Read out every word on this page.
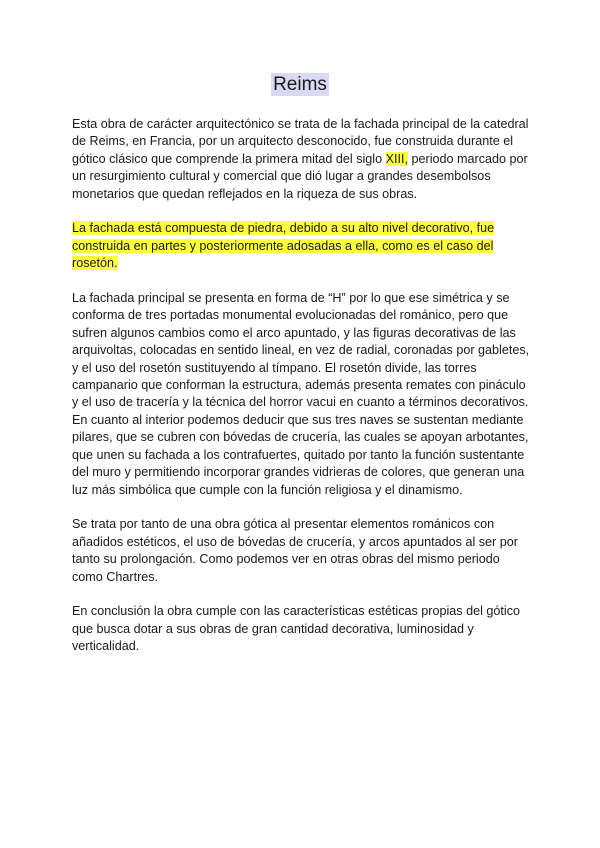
Reims

Esta obra de carácter arquitectónico se trata de la fachada principal de la catedral de Reims, en Francia, por un arquitecto desconocido, fue construida durante el gótico clásico que comprende la primera mitad del siglo XIII, periodo marcado por un resurgimiento cultural y comercial que dió lugar a grandes desembolsos monetarios que quedan reflejados en la riqueza de sus obras.

La fachada está compuesta de piedra, debido a su alto nivel decorativo, fue construida en partes y posteriormente adosadas a ella, como es el caso del rosetón.

La fachada principal se presenta en forma de “H” por lo que ese simétrica y se conforma de tres portadas monumental evolucionadas del románico, pero que sufren algunos cambios como el arco apuntado, y las figuras decorativas de las arquivoltas, colocadas en sentido lineal, en vez de radial, coronadas por gabletes, y el uso del rosetón sustituyendo al tímpano. El rosetón divide, las torres campanario que conforman la estructura, además presenta remates con pináculo y el uso de tracería y la técnica del horror vacui en cuanto a términos decorativos.

En cuanto al interior podemos deducir que sus tres naves se sustentan mediante pilares, que se cubren con bóvedas de crucería, las cuales se apoyan arbotantes, que unen su fachada a los contrafuertes, quitado por tanto la función sustentante del muro y permitiendo incorporar grandes vidrieras de colores, que generan una luz más simbólica que cumple con la función religiosa y el dinamismo.

Se trata por tanto de una obra gótica al presentar elementos románicos con añadidos estéticos, el uso de bóvedas de crucería, y arcos apuntados al ser por tanto su prolongación. Como podemos ver en otras obras del mismo periodo como Chartres.

En conclusión la obra cumple con las características estéticas propias del gótico que busca dotar a sus obras de gran cantidad decorativa, luminosidad y verticalidad.
